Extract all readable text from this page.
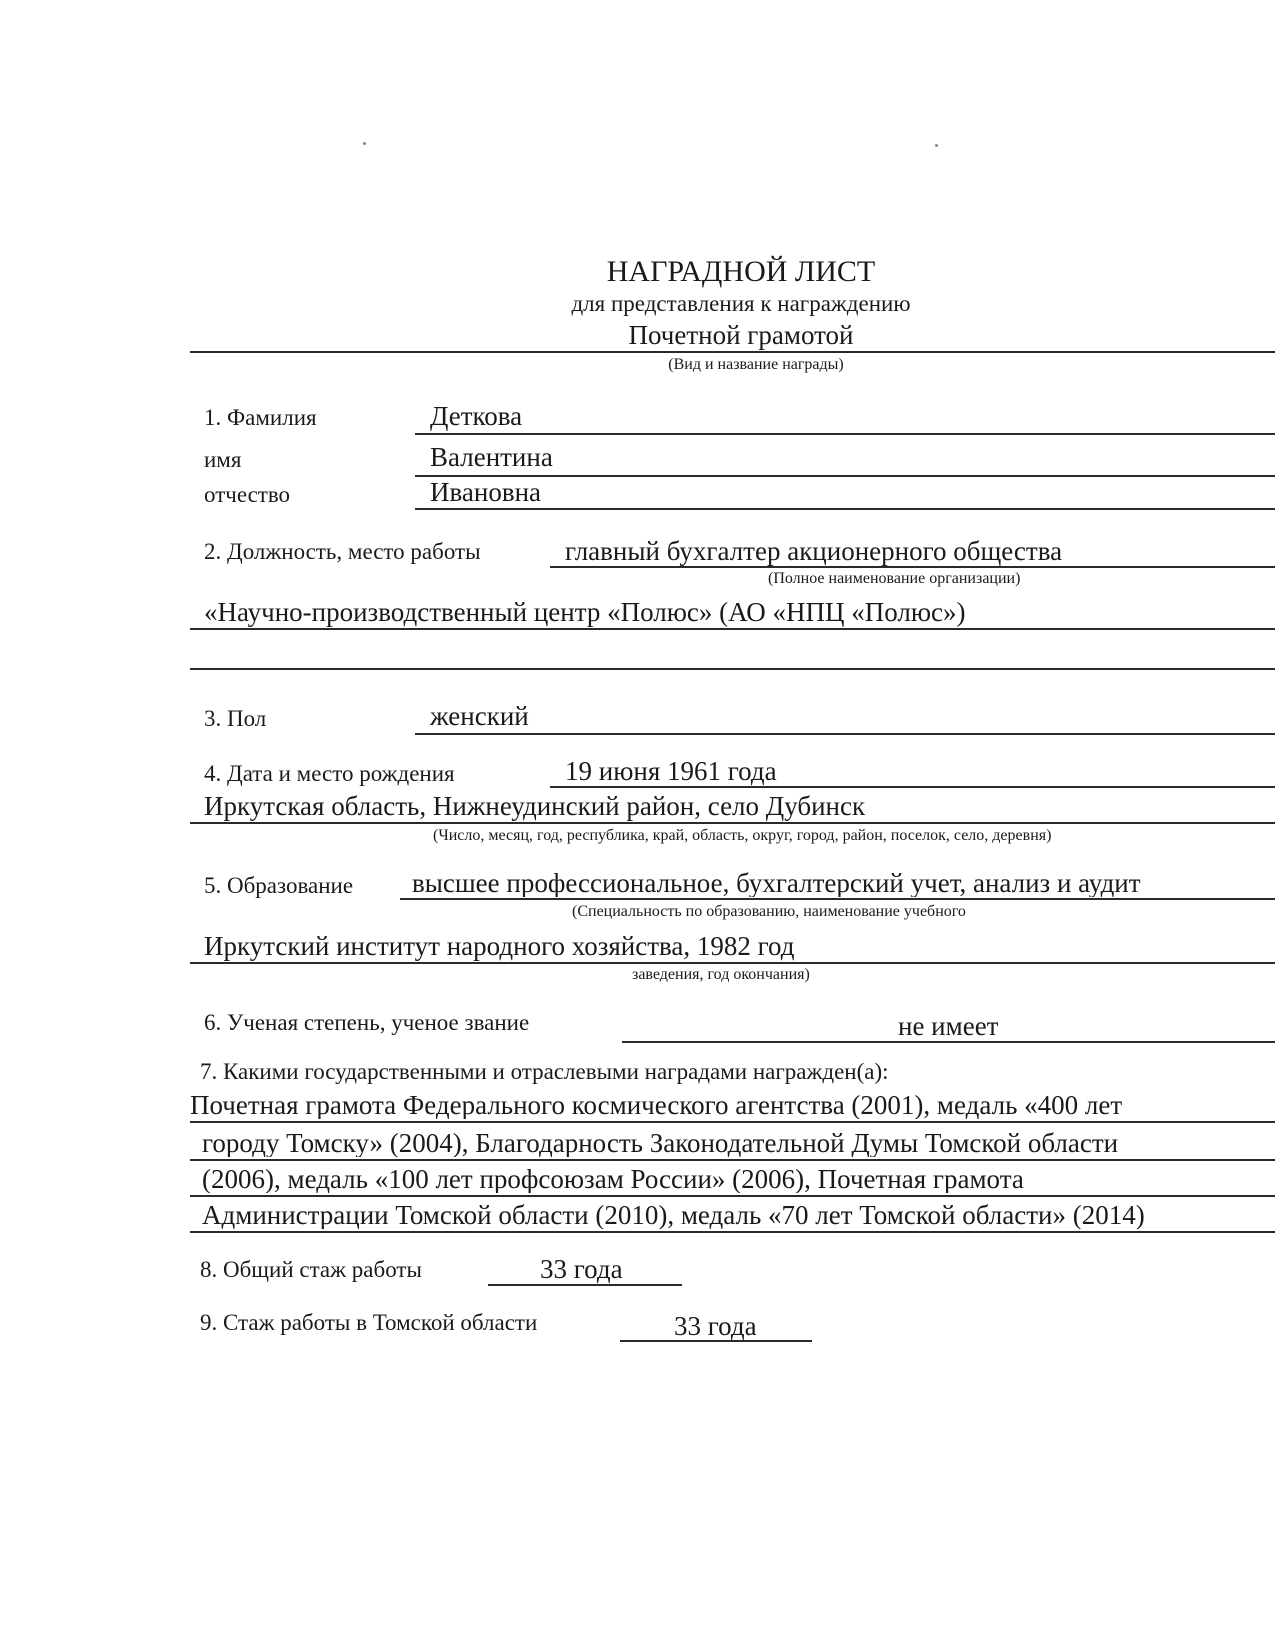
НАГРАДНОЙ ЛИСТ
для представления к награждению
Почетной грамотой
(Вид и название награды)
1. Фамилия	Деткова
имя	Валентина
отчество	Ивановна
2. Должность, место работы	главный бухгалтер акционерного общества
(Полное наименование организации)
«Научно-производственный центр «Полюс» (АО «НПЦ «Полюс»)
3. Пол	женский
4. Дата и место рождения	19 июня 1961 года
Иркутская область, Нижнеудинский район, село Дубинск
(Число, месяц, год, республика, край, область, округ, город, район, поселок, село, деревня)
5. Образование высшее профессиональное, бухгалтерский учет, анализ и аудит
(Специальность по образованию, наименование учебного
Иркутский институт народного хозяйства, 1982 год
заведения, год окончания)
6. Ученая степень, ученое звание	не имеет
7. Какими государственными и отраслевыми наградами награжден(а):
Почетная грамота Федерального космического агентства (2001), медаль «400 лет
городу Томску» (2004), Благодарность Законодательной Думы Томской области
(2006), медаль «100 лет профсоюзам России» (2006), Почетная грамота
Администрации Томской области (2010), медаль «70 лет Томской области» (2014)
8. Общий стаж работы	33 года
9. Стаж работы в Томской области	33 года
